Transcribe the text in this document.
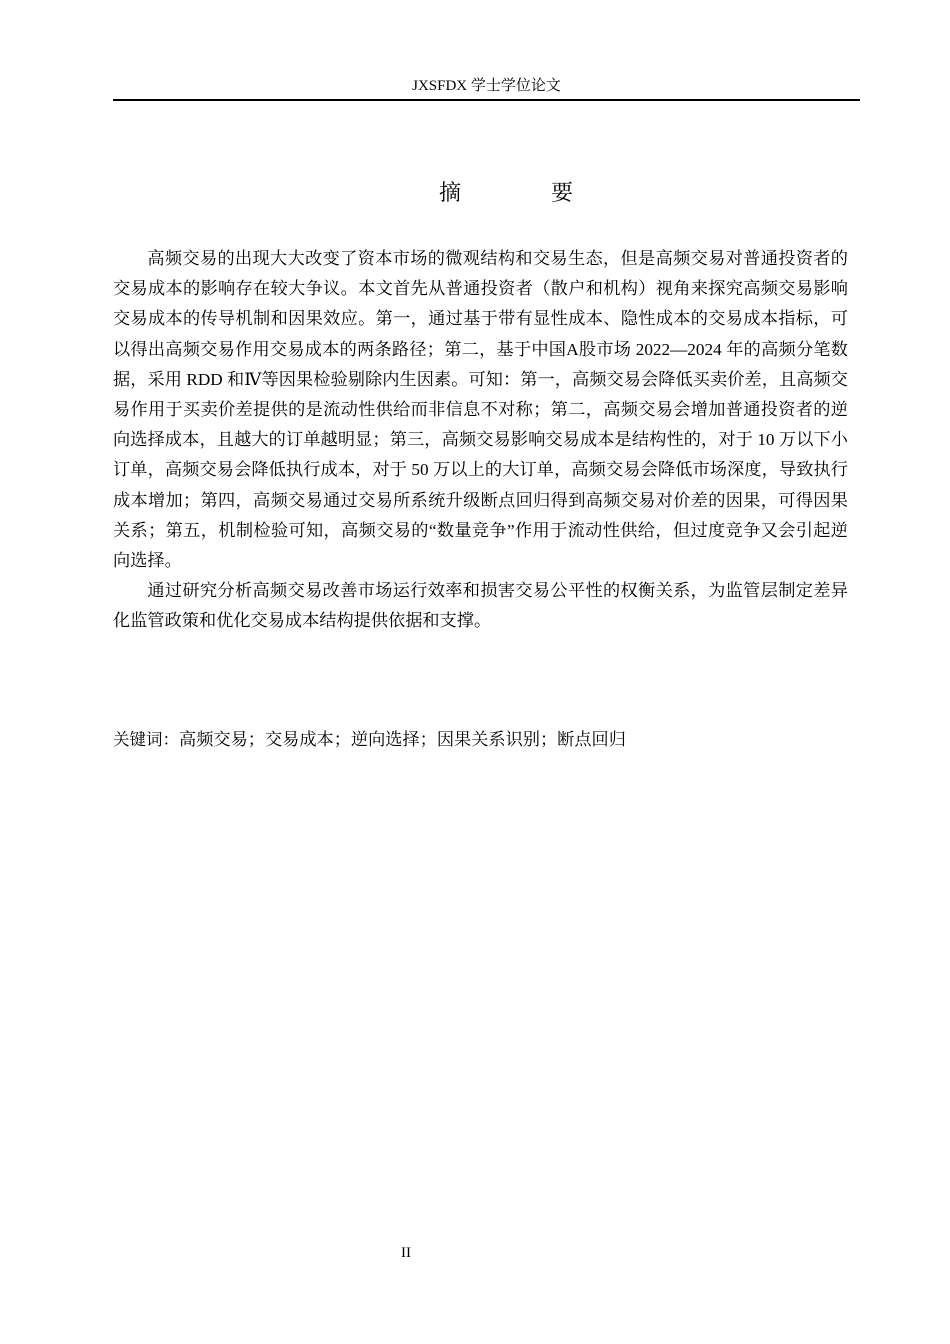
JXSFDX 学士学位论文
摘　要

高频交易的出现大大改变了资本市场的微观结构和交易生态，但是高频交易对普通投资者的交易成本的影响存在较大争议。本文首先从普通投资者（散户和机构）视角来探究高频交易影响交易成本的传导机制和因果效应。第一，通过基于带有显性成本、隐性成本的交易成本指标，可以得出高频交易作用交易成本的两条路径；第二，基于中国A股市场 2022—2024 年的高频分笔数据，采用 RDD 和Ⅳ等因果检验剔除内生因素。可知：第一，高频交易会降低买卖价差，且高频交易作用于买卖价差提供的是流动性供给而非信息不对称；第二，高频交易会增加普通投资者的逆向选择成本，且越大的订单越明显；第三，高频交易影响交易成本是结构性的，对于 10 万以下小订单，高频交易会降低执行成本，对于 50 万以上的大订单，高频交易会降低市场深度，导致执行成本增加；第四，高频交易通过交易所系统升级断点回归得到高频交易对价差的因果，可得因果关系；第五，机制检验可知，高频交易的“数量竞争”作用于流动性供给，但过度竞争又会引起逆向选择。

通过研究分析高频交易改善市场运行效率和损害交易公平性的权衡关系，为监管层制定差异化监管政策和优化交易成本结构提供依据和支撑。

关键词：高频交易；交易成本；逆向选择；因果关系识别；断点回归
II
